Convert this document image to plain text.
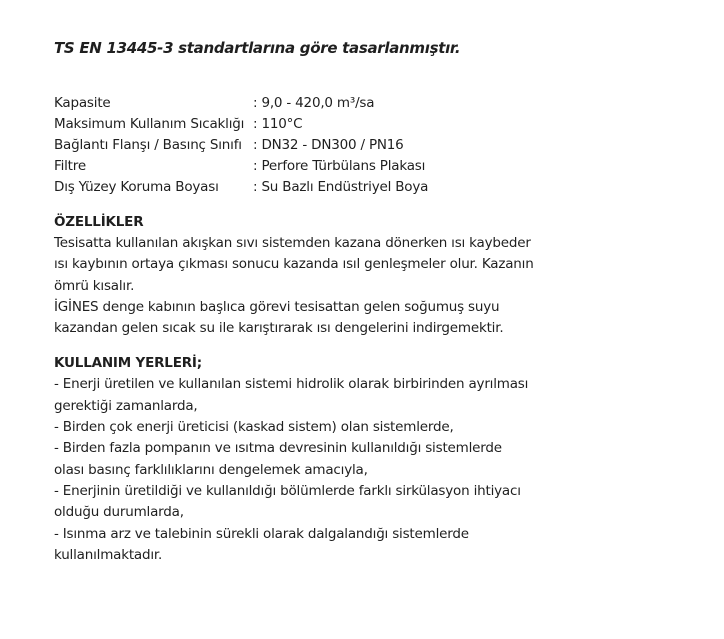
TS EN 13445-3 standartlarına göre tasarlanmıştır.

Kapasite	: 9,0 - 420,0 m³/sa
Maksimum Kullanım Sıcaklığı	: 110°C
Bağlantı Flanşı / Basınç Sınıfı	: DN32 - DN300 / PN16
Filtre	: Perfore Türbülans Plakası
Dış Yüzey Koruma Boyası	: Su Bazlı Endüstriyel Boya

ÖZELLİKLER

Tesisatta kullanılan akışkan sıvı sistemden kazana dönerken ısı kaybeder ısı kaybının ortaya çıkması sonucu kazanda ısıl genleşmeler olur. Kazanın ömrü kısalır.

İGİNES denge kabının başlıca görevi tesisattan gelen soğumuş suyu kazandan gelen sıcak su ile karıştırarak ısı dengelerini indirgemektir.

KULLANIM YERLERİ;

- Enerji üretilen ve kullanılan sistemi hidrolik olarak birbirinden ayrılması gerektiği zamanlarda,
- Birden çok enerji üreticisi (kaskad sistem) olan sistemlerde,
- Birden fazla pompanın ve ısıtma devresinin kullanıldığı sistemlerde olası basınç farklılıklarını dengelemek amacıyla,
- Enerjinin üretildiği ve kullanıldığı bölümlerde farklı sirkülasyon ihtiyacı olduğu durumlarda,
- Isınma arz ve talebinin sürekli olarak dalgalandığı sistemlerde kullanılmaktadır.
